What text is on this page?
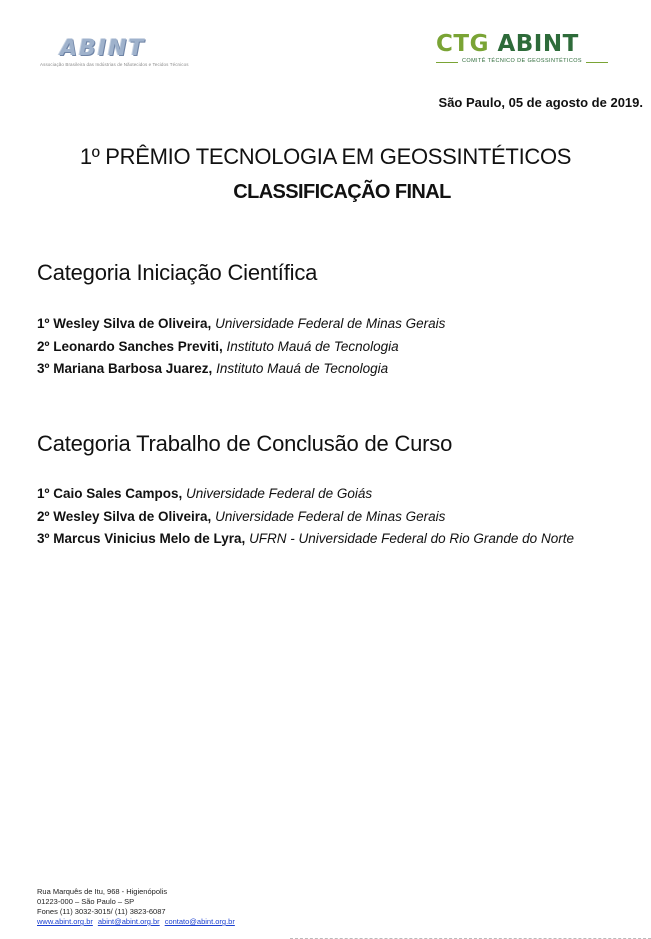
ABINT
Associação Brasileira das Indústrias de Nãotecidos e Tecidos Técnicos
CTG ABINT
COMITÊ TÉCNICO DE GEOSSINTÉTICOS
São Paulo, 05 de agosto de 2019.
1º PRÊMIO TECNOLOGIA EM GEOSSINTÉTICOS
CLASSIFICAÇÃO FINAL
Categoria Iniciação Científica
1º Wesley Silva de Oliveira, Universidade Federal de Minas Gerais
2º Leonardo Sanches Previti, Instituto Mauá de Tecnologia
3º Mariana Barbosa Juarez, Instituto Mauá de Tecnologia
Categoria Trabalho de Conclusão de Curso
1º Caio Sales Campos, Universidade Federal de Goiás
2º Wesley Silva de Oliveira, Universidade Federal de Minas Gerais
3º Marcus Vinicius Melo de Lyra, UFRN - Universidade Federal do Rio Grande do Norte
Rua Marquês de Itu, 968 - Higienópolis
01223-000 – São Paulo – SP
Fones (11) 3032-3015/ (11) 3823-6087
www.abint.org.br abint@abint.org.br contato@abint.org.br
